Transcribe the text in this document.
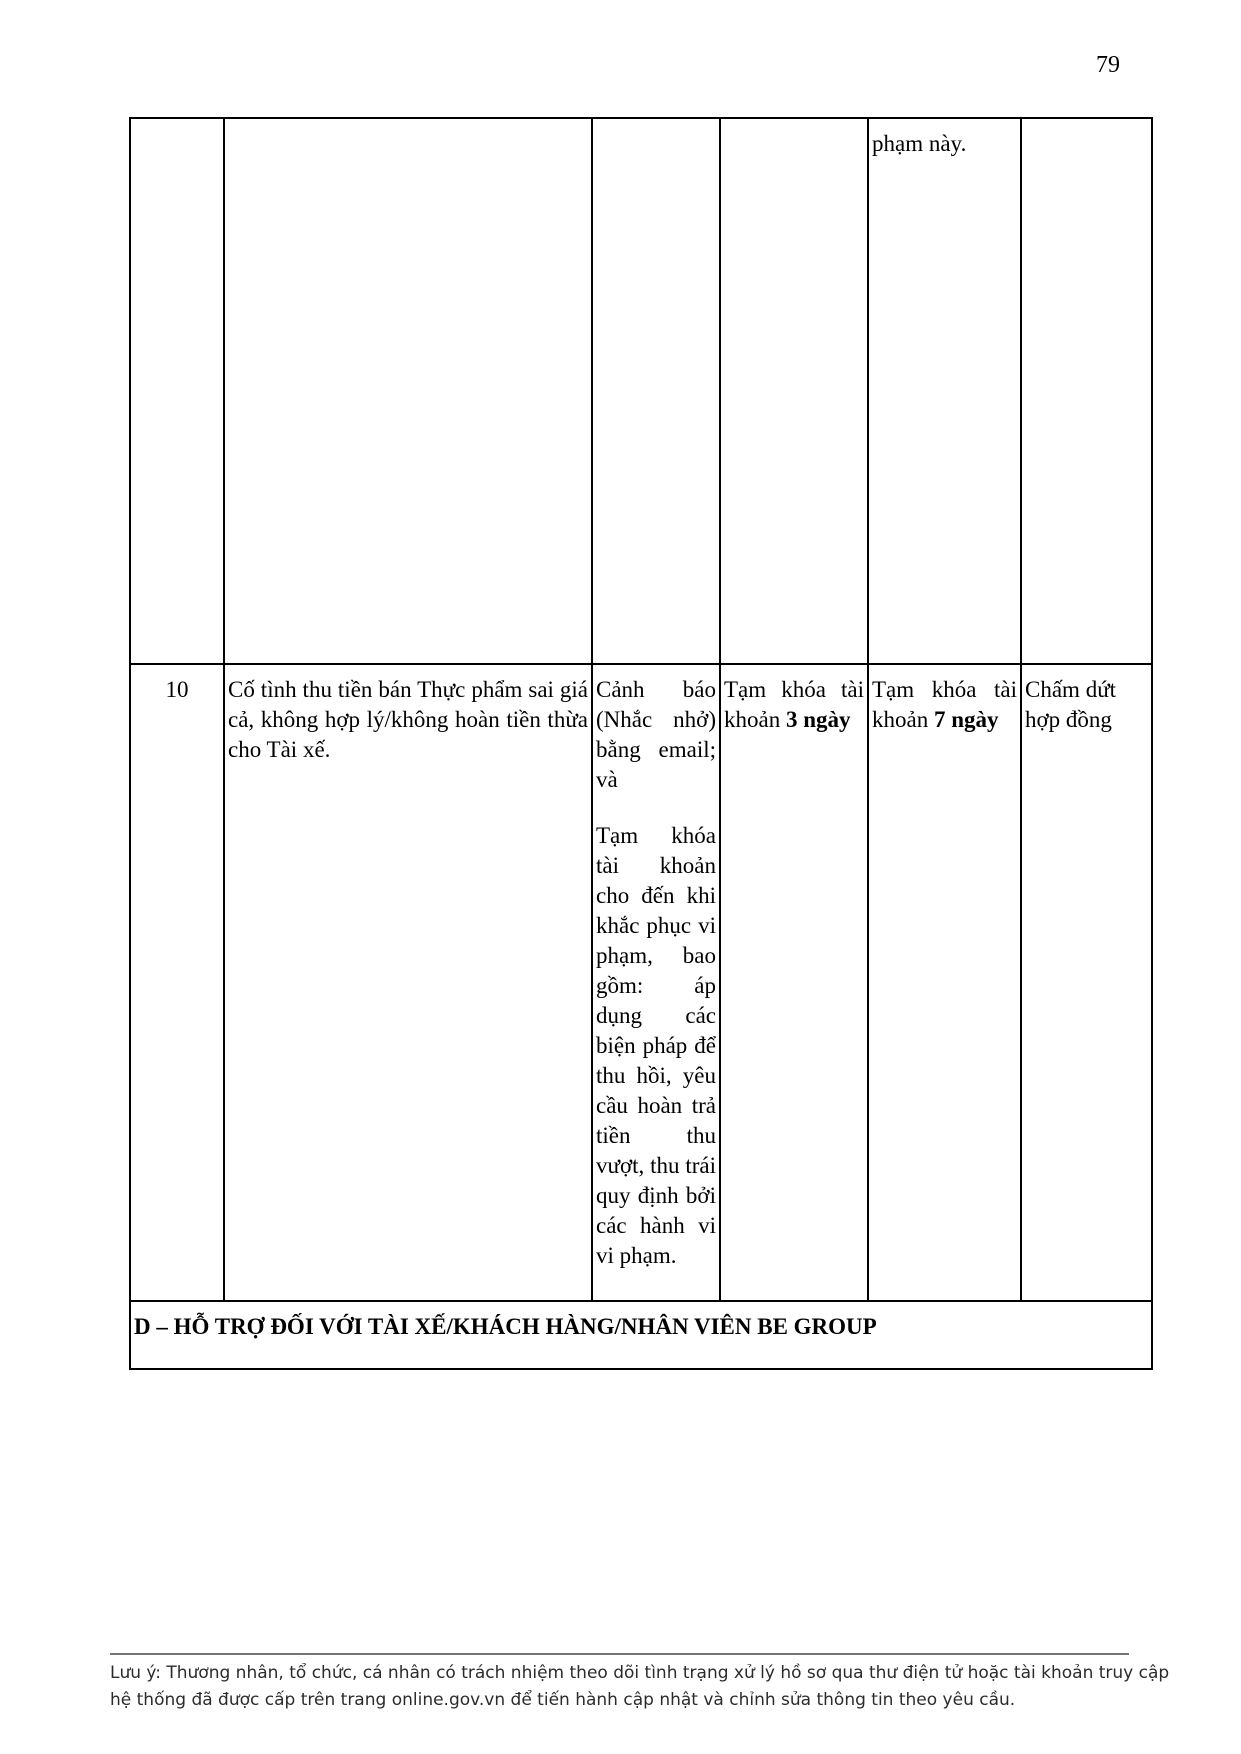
79

				phạm này.	

10	Cố tình thu tiền bán Thực phẩm sai giá cả, không hợp lý/không hoàn tiền thừa cho Tài xế.	Cảnh báo (Nhắc nhở) bằng email; và
Tạm khóa tài khoản cho đến khi khắc phục vi phạm, bao gồm: áp dụng các biện pháp để thu hồi, yêu cầu hoàn trả tiền thu vượt, thu trái quy định bởi các hành vi vi phạm.	Tạm khóa tài khoản 3 ngày	Tạm khóa tài khoản 7 ngày	Chấm dứt hợp đồng

D – HỖ TRỢ ĐỐI VỚI TÀI XẾ/KHÁCH HÀNG/NHÂN VIÊN BE GROUP					
Lưu ý: Thương nhân, tổ chức, cá nhân có trách nhiệm theo dõi tình trạng xử lý hồ sơ qua thư điện tử hoặc tài khoản truy cập
hệ thống đã được cấp trên trang online.gov.vn để tiến hành cập nhật và chỉnh sửa thông tin theo yêu cầu.
